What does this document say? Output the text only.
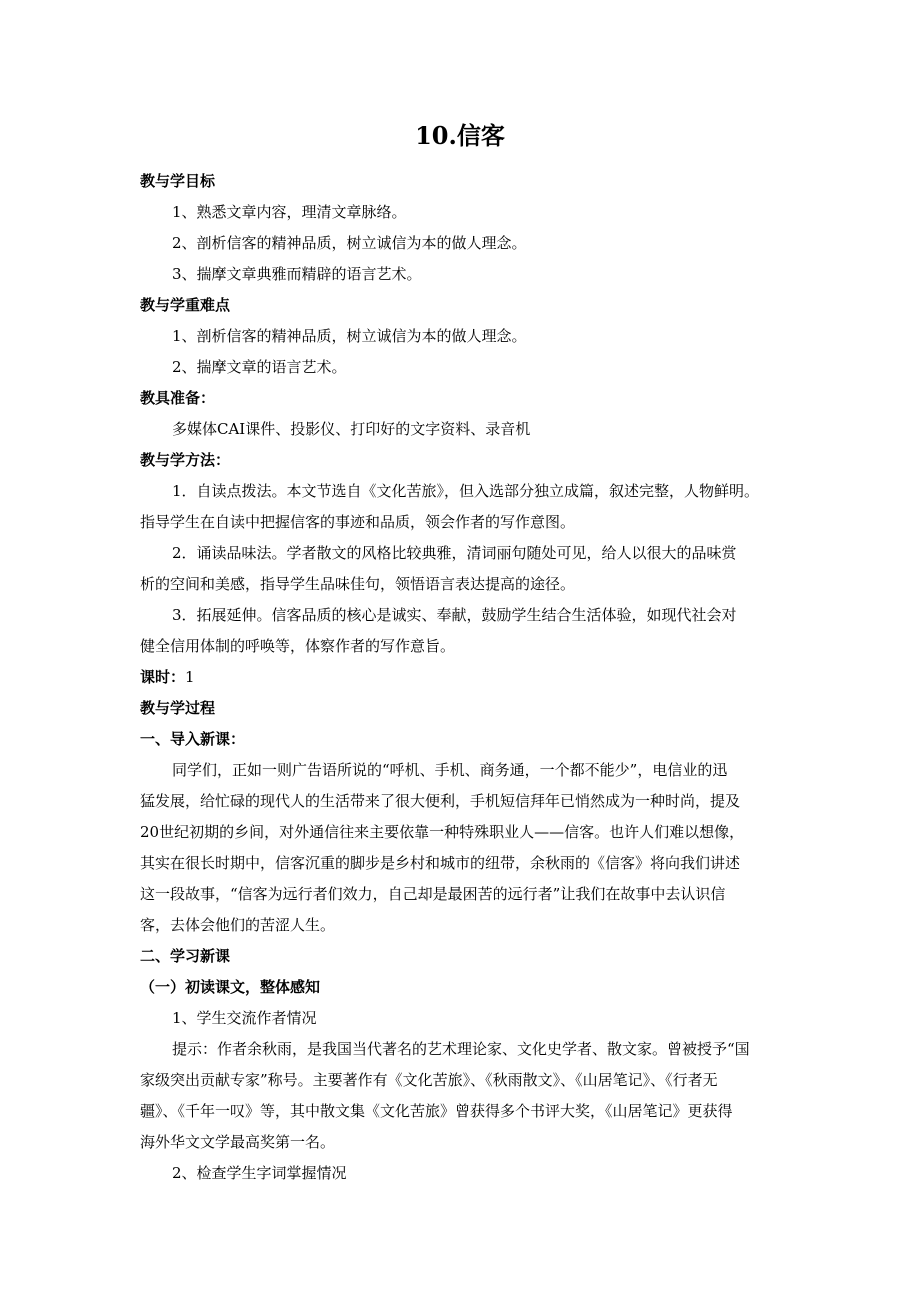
10.信客
教与学目标
1、熟悉文章内容，理清文章脉络。
2、剖析信客的精神品质，树立诚信为本的做人理念。
3、揣摩文章典雅而精辟的语言艺术。
教与学重难点
1、剖析信客的精神品质，树立诚信为本的做人理念。
2、揣摩文章的语言艺术。
教具准备：
多媒体CAI课件、投影仪、打印好的文字资料、录音机
教与学方法：
1．自读点拨法。本文节选自《文化苦旅》，但入选部分独立成篇，叙述完整，人物鲜明。
指导学生在自读中把握信客的事迹和品质，领会作者的写作意图。
2．诵读品味法。学者散文的风格比较典雅，清词丽句随处可见，给人以很大的品味赏
析的空间和美感，指导学生品味佳句，领悟语言表达提高的途径。
3．拓展延伸。信客品质的核心是诚实、奉献，鼓励学生结合生活体验，如现代社会对
健全信用体制的呼唤等，体察作者的写作意旨。
课时：1
教与学过程
一、导入新课：
同学们，正如一则广告语所说的“呼机、手机、商务通，一个都不能少”，电信业的迅
猛发展，给忙碌的现代人的生活带来了很大便利，手机短信拜年已悄然成为一种时尚，提及
20世纪初期的乡间，对外通信往来主要依靠一种特殊职业人——信客。也许人们难以想像，
其实在很长时期中，信客沉重的脚步是乡村和城市的纽带，余秋雨的《信客》将向我们讲述
这一段故事，“信客为远行者们效力，自己却是最困苦的远行者”让我们在故事中去认识信
客，去体会他们的苦涩人生。
二、学习新课
（一）初读课文，整体感知
1、学生交流作者情况
提示：作者余秋雨，是我国当代著名的艺术理论家、文化史学者、散文家。曾被授予“国
家级突出贡献专家”称号。主要著作有《文化苦旅》、《秋雨散文》、《山居笔记》、《行者无
疆》、《千年一叹》等，其中散文集《文化苦旅》曾获得多个书评大奖，《山居笔记》更获得
海外华文文学最高奖第一名。
2、检查学生字词掌握情况
